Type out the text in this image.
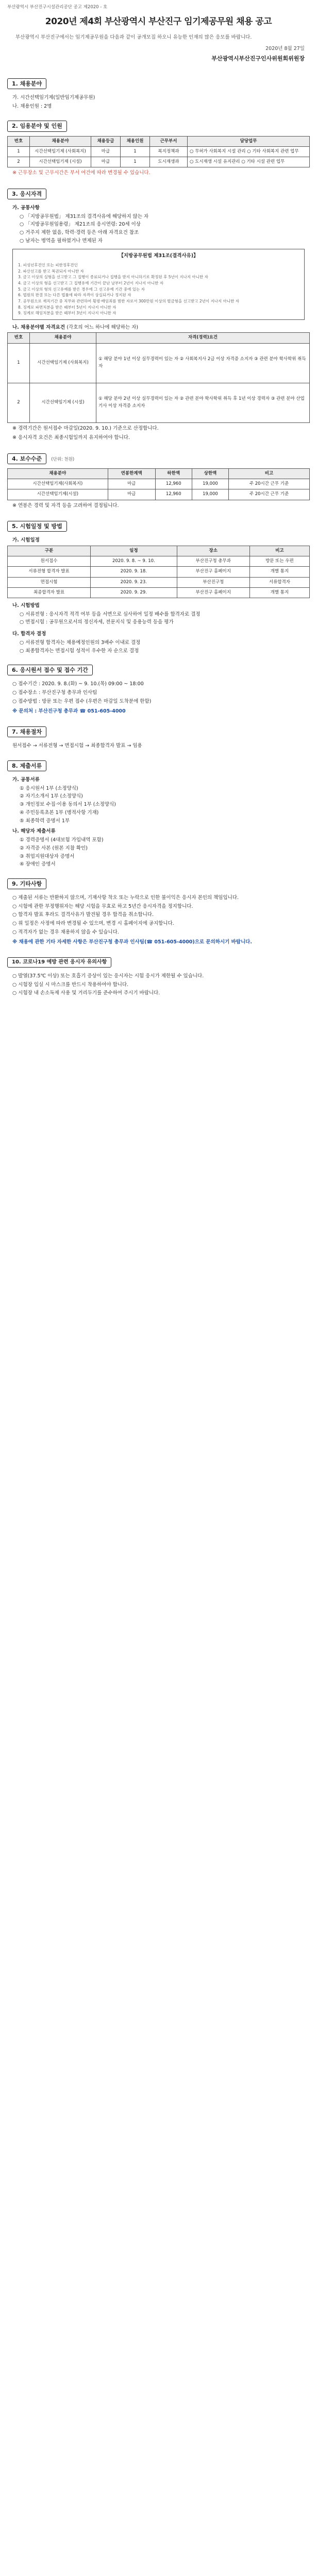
부산광역시 부산진구시설관리공단 공고 제2020 - 호
2020년 제4회 부산광역시 부산진구 임기제공무원 채용 공고
부산광역시 부산진구에서는 임기제공무원을 다음과 같이 공개모집 하오니 유능한 인재의 많은 응모를 바랍니다.
2020년 8월 27일
부산광역시부산진구인사위원회위원장
1. 채용분야

가. 시간선택임기제(일반임기제공무원)

나. 채용인원 : 2명

2. 임용분야 및 인원
번호	채용분야	채용등급	채용인원	근무부서	담당업무
1	시간선택임기제 (사회복지)	마급	1	복지정책과	○ 무허가 사회복지 시설 관리 ○ 기타 사회복지 관련 업무
2	시간선택임기제 (시설)	마급	1	도시재생과	○ 도시재생 시설 유지관리 ○ 기타 시설 관련 업무

※ 근무장소 및 근무시간은 부서 여건에 따라 변경될 수 있습니다.

3. 응시자격

가. 공통사항

○ 「지방공무원법」 제31조의 결격사유에 해당하지 않는 자

○ 「지방공무원임용령」 제21조의 응시연령: 20세 이상

○ 거주지 제한 없음, 학력·경력 등은 아래 자격요건 참조

○ 남자는 병역을 필하였거나 면제된 자

【지방공무원법 제31조(결격사유)】
1. 피성년후견인 또는 피한정후견인
2. 파산선고를 받고 복권되지 아니한 자
3. 금고 이상의 실형을 선고받고 그 집행이 종료되거나 집행을 받지 아니하기로 확정된 후 5년이 지나지 아니한 자
4. 금고 이상의 형을 선고받고 그 집행유예 기간이 끝난 날부터 2년이 지나지 아니한 자
5. 금고 이상의 형의 선고유예를 받은 경우에 그 선고유예 기간 중에 있는 자
6. 법원의 판결 또는 다른 법률에 따라 자격이 상실되거나 정지된 자
7. 공무원으로 재직기간 중 직무와 관련하여 횡령·배임죄를 범한 자로서 300만원 이상의 벌금형을 선고받고 2년이 지나지 아니한 자
8. 징계로 파면처분을 받은 때부터 5년이 지나지 아니한 자
9. 징계로 해임처분을 받은 때부터 3년이 지나지 아니한 자

나. 채용분야별 자격요건 (각호의 어느 하나에 해당하는 자)

번호	채용분야	자격(경력)요건
1	시간선택임기제 (사회복지)	① 해당 분야 1년 이상 실무경력이 있는 자 ② 사회복지사 2급 이상 자격증 소지자 ③ 관련 분야 학사학위 취득자
2	시간선택임기제 (시설)	① 해당 분야 2년 이상 실무경력이 있는 자 ② 관련 분야 학사학위 취득 후 1년 이상 경력자 ③ 관련 분야 산업기사 이상 자격증 소지자

※ 경력기간은 원서접수 마감일(2020. 9. 10.) 기준으로 산정합니다.

※ 응시자격 요건은 최종시험일까지 유지하여야 합니다.

4. 보수수준 (단위: 천원)
채용분야	연봉한계액	하한액	상한액	비고
시간선택임기제(사회복지)	마급	12,960	19,000	주 20시간 근무 기준
시간선택임기제(시설)	마급	12,960	19,000	주 20시간 근무 기준

※ 연봉은 경력 및 자격 등을 고려하여 결정됩니다.

5. 시험일정 및 방법

가. 시험일정

구분	일정	장소	비고
원서접수	2020. 9. 8. ~ 9. 10.	부산진구청 총무과	방문 또는 우편
서류전형 합격자 발표	2020. 9. 18.	부산진구 홈페이지	개별 통지
면접시험	2020. 9. 23.	부산진구청	서류합격자
최종합격자 발표	2020. 9. 29.	부산진구 홈페이지	개별 통지

나. 시험방법

○ 서류전형 : 응시자격 적격 여부 등을 서면으로 심사하여 일정 배수를 합격자로 결정

○ 면접시험 : 공무원으로서의 정신자세, 전문지식 및 응용능력 등을 평가

다. 합격자 결정

○ 서류전형 합격자는 채용예정인원의 3배수 이내로 결정

○ 최종합격자는 면접시험 성적이 우수한 자 순으로 결정

6. 응시원서 접수 및 접수 기간

○ 접수기간 : 2020. 9. 8.(화) ~ 9. 10.(목) 09:00 ~ 18:00

○ 접수장소 : 부산진구청 총무과 인사팀

○ 접수방법 : 방문 또는 우편 접수 (우편은 마감일 도착분에 한함)

※ 문의처 : 부산진구청 총무과 ☎ 051-605-4000

7. 채용절차

원서접수 → 서류전형 → 면접시험 → 최종합격자 발표 → 임용

8. 제출서류

가. 공통서류

① 응시원서 1부 (소정양식)

② 자기소개서 1부 (소정양식)

③ 개인정보 수집·이용 동의서 1부 (소정양식)

④ 주민등록초본 1부 (병적사항 기재)

⑤ 최종학력 증명서 1부

나. 해당자 제출서류

① 경력증명서 (4대보험 가입내역 포함)

② 자격증 사본 (원본 지참 확인)

③ 취업지원대상자 증명서

④ 장애인 증명서

9. 기타사항

○ 제출된 서류는 반환하지 않으며, 기재사항 착오 또는 누락으로 인한 불이익은 응시자 본인의 책임입니다.

○ 시험에 관한 부정행위자는 해당 시험을 무효로 하고 5년간 응시자격을 정지합니다.

○ 합격자 발표 후라도 결격사유가 발견될 경우 합격을 취소합니다.

○ 위 일정은 사정에 따라 변경될 수 있으며, 변경 시 홈페이지에 공지합니다.

○ 적격자가 없는 경우 채용하지 않을 수 있습니다.

※ 채용에 관한 기타 자세한 사항은 부산진구청 총무과 인사팀(☎ 051-605-4000)으로 문의하시기 바랍니다.

10. 코로나19 예방 관련 응시자 유의사항

○ 발열(37.5℃ 이상) 또는 호흡기 증상이 있는 응시자는 시험 응시가 제한될 수 있습니다.

○ 시험장 입실 시 마스크를 반드시 착용하여야 합니다.

○ 시험장 내 손소독제 사용 및 거리두기를 준수하여 주시기 바랍니다.
